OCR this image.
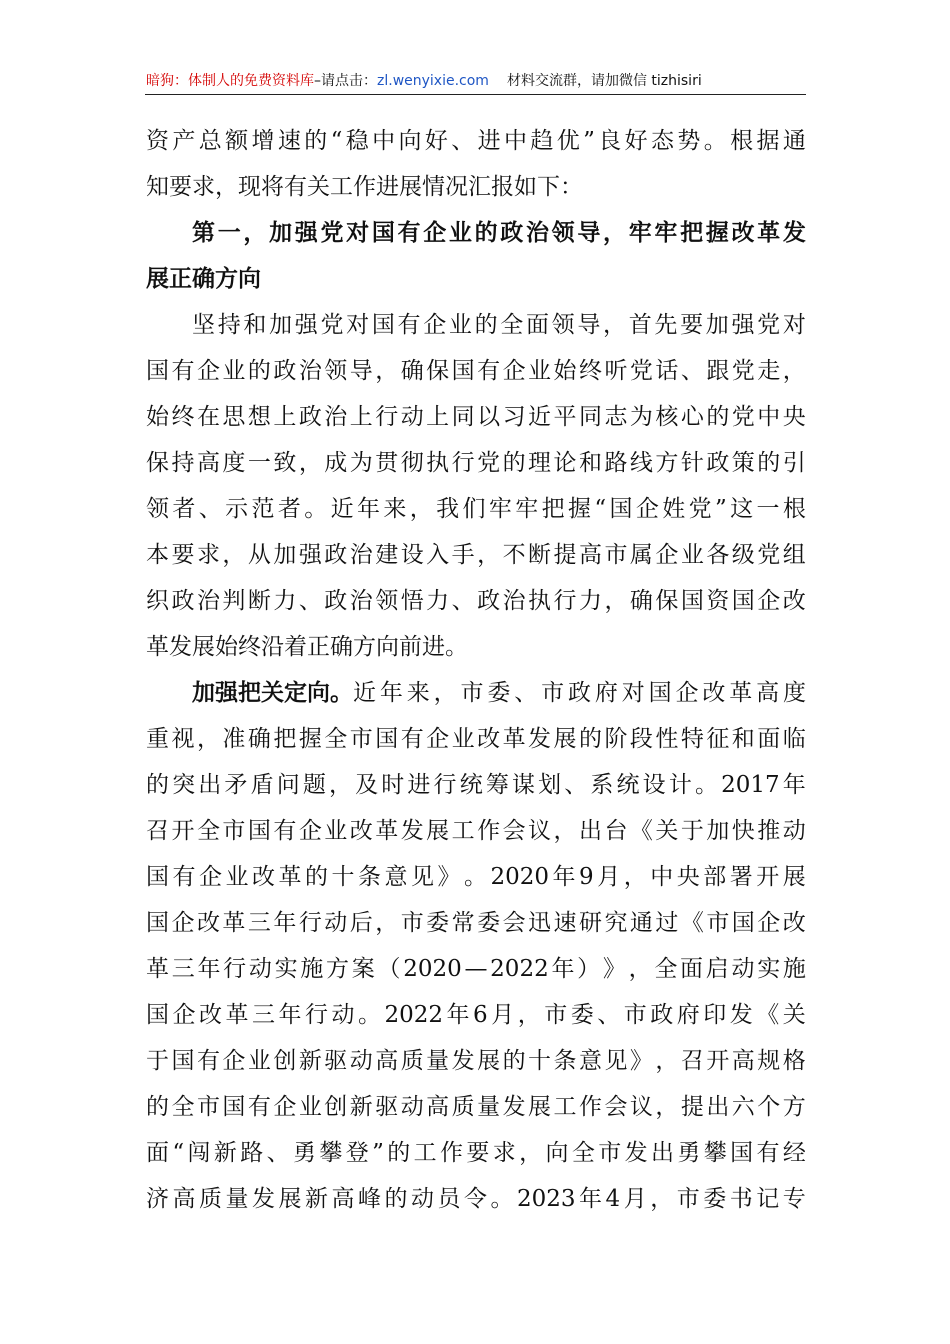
暗狗：体制人的免费资料库–请点击：zl.wenyixie.com 材料交流群，请加微信 tizhisiri
资 产 总 额 增 速 的 “ 稳 中 向 好 、 进 中 趋 优 ” 良 好 态 势 。 根 据 通
知要求，现将有关工作进展情况汇报如下：
第 一 ， 加 强 党 对 国 有 企 业 的 政 治 领 导 ， 牢 牢 把 握 改 革 发
展正确方向
坚 持 和 加 强 党 对 国 有 企 业 的 全 面 领 导 ， 首 先 要 加 强 党 对
国 有 企 业 的 政 治 领 导 ， 确 保 国 有 企 业 始 终 听 党 话 、 跟 党 走 ，
始 终 在 思 想 上 政 治 上 行 动 上 同 以 习 近 平 同 志 为 核 心 的 党 中 央
保 持 高 度 一 致 ， 成 为 贯 彻 执 行 党 的 理 论 和 路 线 方 针 政 策 的 引
领 者 、 示 范 者 。 近 年 来 ， 我 们 牢 牢 把 握 “ 国 企 姓 党 ” 这 一 根
本 要 求 ， 从 加 强 政 治 建 设 入 手 ， 不 断 提 高 市 属 企 业 各 级 党 组
织 政 治 判 断 力 、 政 治 领 悟 力 、 政 治 执 行 力 ， 确 保 国 资 国 企 改
革发展始终沿着正确方向前进。
加强把关定向。 近 年 来 ， 市 委 、 市 政 府 对 国 企 改 革 高 度
重 视 ， 准 确 把 握 全 市 国 有 企 业 改 革 发 展 的 阶 段 性 特 征 和 面 临
的 突 出 矛 盾 问 题 ， 及 时 进 行 统 筹 谋 划 、 系 统 设 计 。 2017 年
召 开 全 市 国 有 企 业 改 革 发 展 工 作 会 议 ， 出 台 《 关 于 加 快 推 动
国 有 企 业 改 革 的 十 条 意 见 》 。 2020 年 9 月 ， 中 央 部 署 开 展
国 企 改 革 三 年 行 动 后 ， 市 委 常 委 会 迅 速 研 究 通 过 《 市 国 企 改
革 三 年 行 动 实 施 方 案 （ 2020 — 2022 年 ） 》 ， 全 面 启 动 实 施
国 企 改 革 三 年 行 动 。 2022 年 6 月 ， 市 委 、 市 政 府 印 发 《 关
于 国 有 企 业 创 新 驱 动 高 质 量 发 展 的 十 条 意 见 》 ， 召 开 高 规 格
的 全 市 国 有 企 业 创 新 驱 动 高 质 量 发 展 工 作 会 议 ， 提 出 六 个 方
面 “ 闯 新 路 、 勇 攀 登 ” 的 工 作 要 求 ， 向 全 市 发 出 勇 攀 国 有 经
济 高 质 量 发 展 新 高 峰 的 动 员 令 。 2023 年 4 月 ， 市 委 书 记 专
